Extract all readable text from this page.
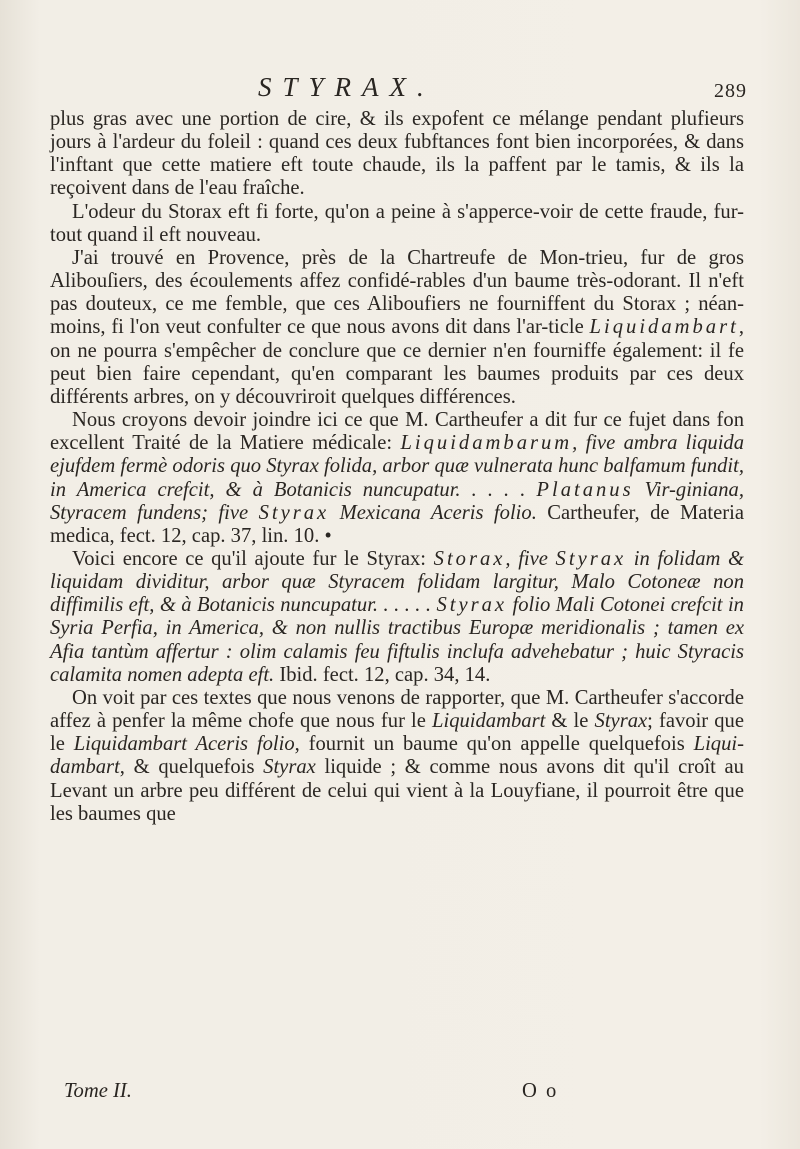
STYRAX.	289

plus gras avec une portion de cire, & ils expofent ce mélange pendant plufieurs jours à l'ardeur du foleil : quand ces deux fubftances font bien incorporées, & dans l'inftant que cette matiere eft toute chaude, ils la paffent par le tamis, & ils la reçoivent dans de l'eau fraîche.

L'odeur du Storax eft fi forte, qu'on a peine à s'apperce-voir de cette fraude, fur-tout quand il eft nouveau.

J'ai trouvé en Provence, près de la Chartreufe de Mon-trieu, fur de gros Alibouſiers, des écoulements affez confidé-rables d'un baume très-odorant. Il n'eft pas douteux, ce me femble, que ces Aliboufiers ne fourniffent du Storax ; néan-moins, fi l'on veut confulter ce que nous avons dit dans l'ar-ticle Liquidambart, on ne pourra s'empêcher de conclure que ce dernier n'en fourniffe également: il fe peut bien faire cependant, qu'en comparant les baumes produits par ces deux différents arbres, on y découvriroit quelques différences.

Nous croyons devoir joindre ici ce que M. Cartheufer a dit fur ce fujet dans fon excellent Traité de la Matiere médicale: Liquidambarum, five ambra liquida ejufdem fermè odoris quo Styrax folida, arbor quæ vulnerata hunc balfamum fundit, in America crefcit, & à Botanicis nuncupatur. . . . . Platanus Vir-giniana, Styracem fundens; five Styrax Mexicana Aceris folio. Cartheufer, de Materia medica, fect. 12, cap. 37, lin. 10. •

Voici encore ce qu'il ajoute fur le Styrax: Storax, five Styrax in folidam & liquidam dividitur, arbor quæ Styracem folidam largitur, Malo Cotoneæ non diffimilis eft, & à Botanicis nuncupatur. . . . . . Styrax folio Mali Cotonei crefcit in Syria Perfia, in America, & non nullis tractibus Europæ meridionalis ; tamen ex Afia tantùm affertur : olim calamis feu fiftulis inclufa advehebatur ; huic Styracis calamita nomen adepta eft. Ibid. fect. 12, cap. 34, 14.

On voit par ces textes que nous venons de rapporter, que M. Cartheufer s'accorde affez à penfer la même chofe que nous fur le Liquidambart & le Styrax; favoir que le Liquidambart Aceris folio, fournit un baume qu'on appelle quelquefois Liqui-dambart, & quelquefois Styrax liquide ; & comme nous avons dit qu'il croît au Levant un arbre peu différent de celui qui vient à la Louyfiane, il pourroit être que les baumes que

Tome II.	O o
